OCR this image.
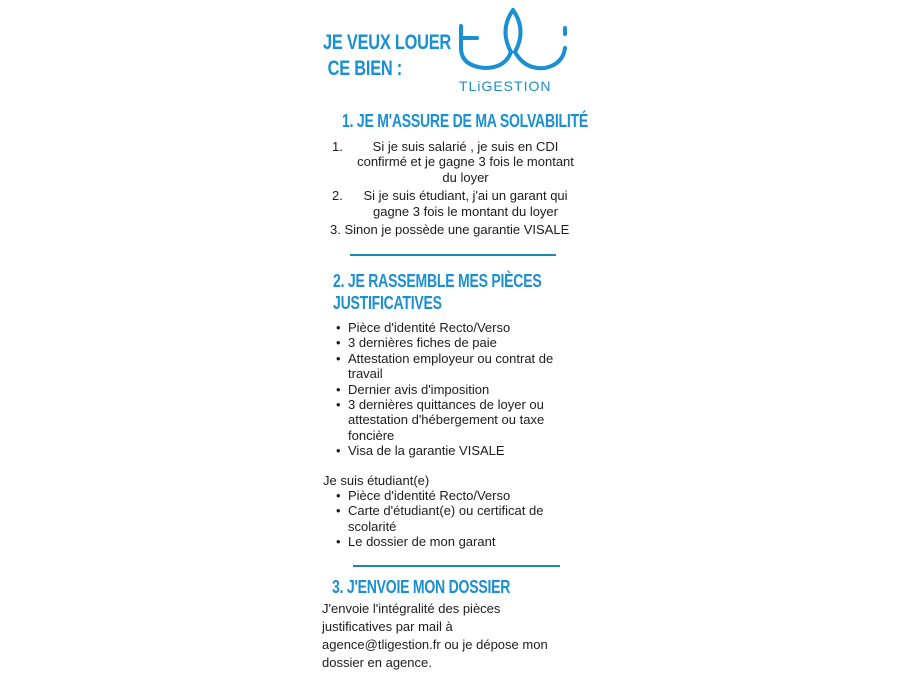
JE VEUX LOUER
CE BIEN :
TLiGESTION
1. JE M'ASSURE DE MA SOLVABILITÉ
1.	Si je suis salarié , je suis en CDI
confirmé et je gagne 3 fois le montant
du loyer
2.	Si je suis étudiant, j'ai un garant qui
gagne 3 fois le montant du loyer
3. Sinon je possède une garantie VISALE
2. JE RASSEMBLE MES PIÈCES
JUSTIFICATIVES
• Pièce d'identité Recto/Verso
• 3 dernières fiches de paie
• Attestation employeur ou contrat de travail
• Dernier avis d'imposition
• 3 dernières quittances de loyer ou attestation d'hébergement ou taxe foncière
• Visa de la garantie VISALE
Je suis étudiant(e)
• Pièce d'identité Recto/Verso
• Carte d'étudiant(e) ou certificat de scolarité
• Le dossier de mon garant
3. J'ENVOIE MON DOSSIER
J'envoie l'intégralité des pièces
justificatives par mail à
agence@tligestion.fr ou je dépose mon
dossier en agence.
